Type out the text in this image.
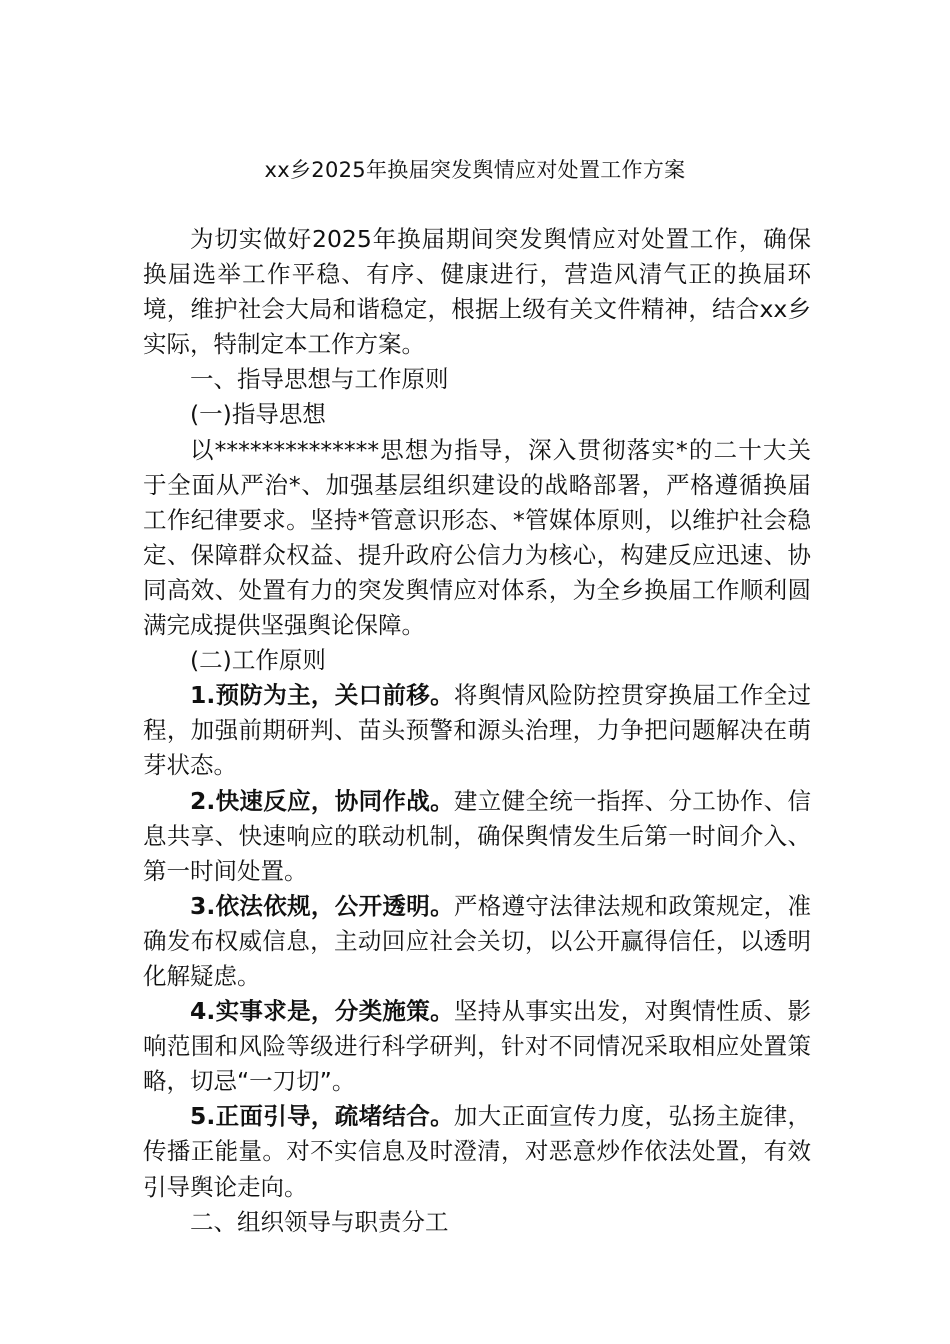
xx乡2025年换届突发舆情应对处置工作方案

为切实做好2025年换届期间突发舆情应对处置工作，确保换届选举工作平稳、有序、健康进行，营造风清气正的换届环境，维护社会大局和谐稳定，根据上级有关文件精神，结合xx乡实际，特制定本工作方案。

一、指导思想与工作原则

(一)指导思想

以**************思想为指导，深入贯彻落实*的二十大关于全面从严治*、加强基层组织建设的战略部署，严格遵循换届工作纪律要求。坚持*管意识形态、*管媒体原则，以维护社会稳定、保障群众权益、提升政府公信力为核心，构建反应迅速、协同高效、处置有力的突发舆情应对体系，为全乡换届工作顺利圆满完成提供坚强舆论保障。

(二)工作原则

1.预防为主，关口前移。将舆情风险防控贯穿换届工作全过程，加强前期研判、苗头预警和源头治理，力争把问题解决在萌芽状态。

2.快速反应，协同作战。建立健全统一指挥、分工协作、信息共享、快速响应的联动机制，确保舆情发生后第一时间介入、第一时间处置。

3.依法依规，公开透明。严格遵守法律法规和政策规定，准确发布权威信息，主动回应社会关切，以公开赢得信任，以透明化解疑虑。

4.实事求是，分类施策。坚持从事实出发，对舆情性质、影响范围和风险等级进行科学研判，针对不同情况采取相应处置策略，切忌“一刀切”。

5.正面引导，疏堵结合。加大正面宣传力度，弘扬主旋律，传播正能量。对不实信息及时澄清，对恶意炒作依法处置，有效引导舆论走向。

二、组织领导与职责分工
